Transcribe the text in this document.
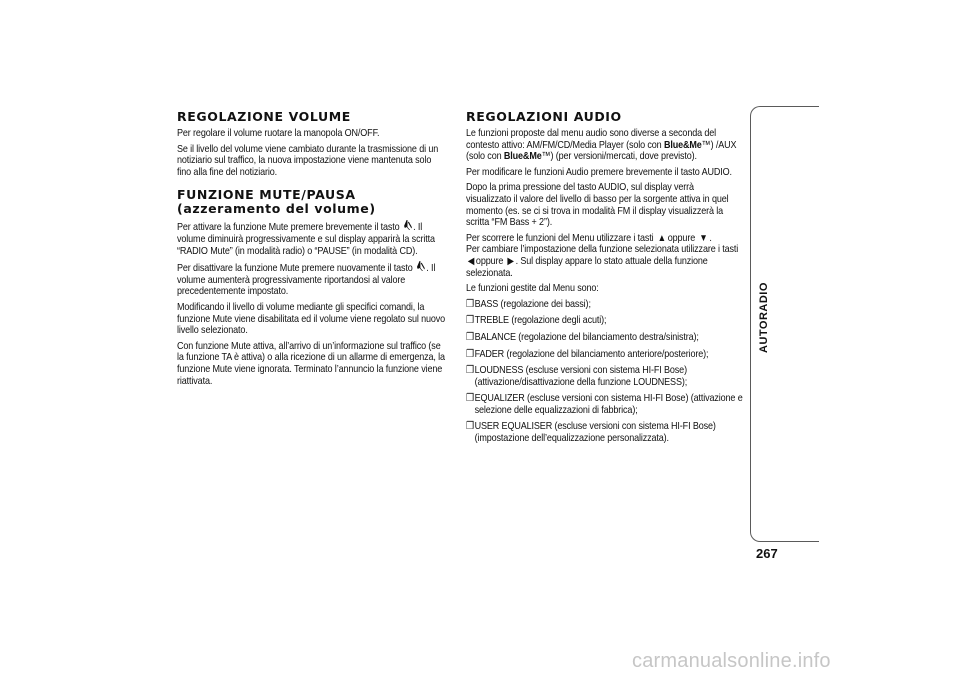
REGOLAZIONE VOLUME

Per regolare il volume ruotare la manopola ON/OFF.

Se il livello del volume viene cambiato durante la trasmissione di un notiziario sul traffico, la nuova impostazione viene mantenuta solo fino alla fine del notiziario.

FUNZIONE MUTE/PAUSA
(azzeramento del volume)

Per attivare la funzione Mute premere brevemente il tasto . Il volume diminuirà progressivamente e sul display apparirà la scritta “RADIO Mute” (in modalità radio) o “PAUSE” (in modalità CD).

Per disattivare la funzione Mute premere nuovamente il tasto . Il volume aumenterà progressivamente riportandosi al valore precedentemente impostato.

Modificando il livello di volume mediante gli specifici comandi, la funzione Mute viene disabilitata ed il volume viene regolato sul nuovo livello selezionato.

Con funzione Mute attiva, all’arrivo di un’informazione sul traffico (se la funzione TA è attiva) o alla ricezione di un allarme di emergenza, la funzione Mute viene ignorata. Terminato l’annuncio la funzione viene riattivata.

REGOLAZIONI AUDIO

Le funzioni proposte dal menu audio sono diverse a seconda del contesto attivo: AM/FM/CD/Media Player (solo con Blue&Me™) /AUX (solo con Blue&Me™) (per versioni/mercati, dove previsto).

Per modificare le funzioni Audio premere brevemente il tasto AUDIO.

Dopo la prima pressione del tasto AUDIO, sul display verrà visualizzato il valore del livello di basso per la sorgente attiva in quel momento (es. se ci si trova in modalità FM il display visualizzerà la scritta “FM Bass + 2”).

Per scorrere le funzioni del Menu utilizzare i tasti ▲ oppure ▼ .
Per cambiare l’impostazione della funzione selezionata utilizzare i tasti ◀ oppure ▶ . Sul display appare lo stato attuale della funzione selezionata.

Le funzioni gestite dal Menu sono:

❒ BASS (regolazione dei bassi);
❒ TREBLE (regolazione degli acuti);
❒ BALANCE (regolazione del bilanciamento destra/sinistra);
❒ FADER (regolazione del bilanciamento anteriore/posteriore);
❒ LOUDNESS (escluse versioni con sistema HI-FI Bose) (attivazione/disattivazione della funzione LOUDNESS);
❒ EQUALIZER (escluse versioni con sistema HI-FI Bose) (attivazione e selezione delle equalizzazioni di fabbrica);
❒ USER EQUALISER (escluse versioni con sistema HI-FI Bose) (impostazione dell’equalizzazione personalizzata).
AUTORADIO
267
carmanualsonline.info
